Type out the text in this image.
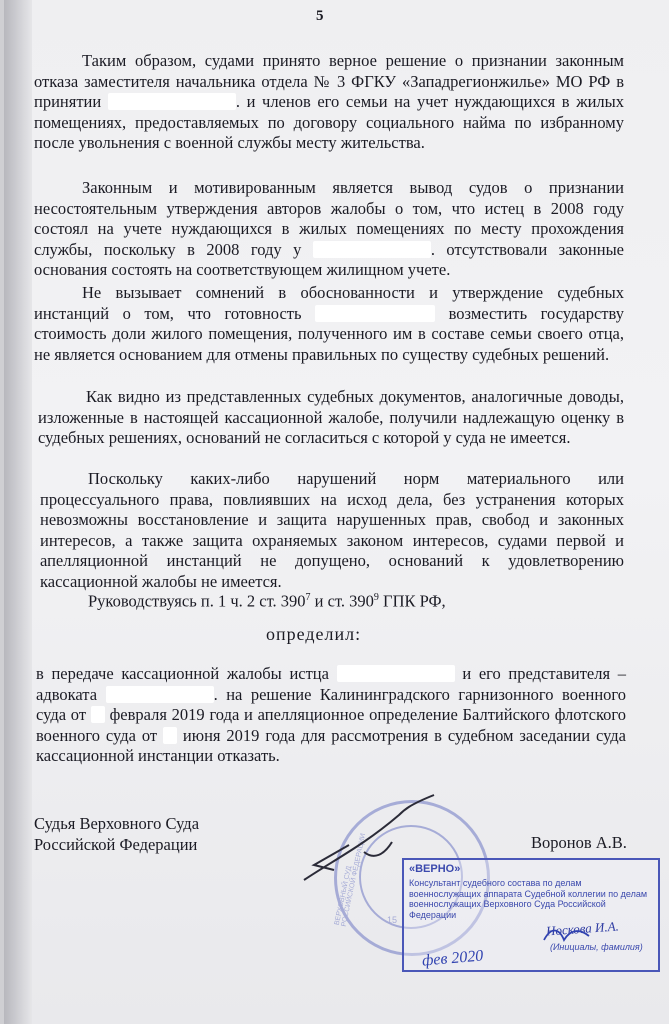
5
Таким образом, судами принято верное решение о признании законным отказа заместителя начальника отдела № 3 ФГКУ «Западрегионжилье» МО РФ в принятии	. и членов его семьи на учет нуждающихся в жилых помещениях, предоставляемых по договору социального найма по избранному после увольнения с военной службы месту жительства.
Законным и мотивированным является вывод судов о признании несостоятельным утверждения авторов жалобы о том, что истец в 2008 году состоял на учете нуждающихся в жилых помещениях по месту прохождения службы, поскольку в 2008 году у	. отсутствовали законные основания состоять на соответствующем жилищном учете.
Не вызывает сомнений в обоснованности и утверждение судебных инстанций о том, что готовность	возместить государству стоимость доли жилого помещения, полученного им в составе семьи своего отца, не является основанием для отмены правильных по существу судебных решений.
Как видно из представленных судебных документов, аналогичные доводы, изложенные в настоящей кассационной жалобе, получили надлежащую оценку в судебных решениях, оснований не согласиться с которой у суда не имеется.
Поскольку каких-либо нарушений норм материального или процессуального права, повлиявших на исход дела, без устранения которых невозможны восстановление и защита нарушенных прав, свобод и законных интересов, а также защита охраняемых законом интересов, судами первой и апелляционной инстанций не допущено, оснований к удовлетворению кассационной жалобы не имеется.
Руководствуясь п. 1 ч. 2 ст. $390^7$ и ст. $390^9$ ГПК РФ,
определил:
в передаче кассационной жалобы истца	и его представителя – адвоката	. на решение Калининградского гарнизонного военного суда от  февраля 2019 года и апелляционное определение Балтийского флотского военного суда от  июня 2019 года для рассмотрения в судебном заседании суда кассационной инстанции отказать.
Судья Верховного Суда
Российской Федерации	Воронов А.В.
ВЕРХОВНЫЙ СУД РОССИЙСКОЙ ФЕДЕРАЦИИ	15
«ВЕРНО»
Консультант судебного состава по делам военнослужащих аппарата Судебной коллегии по делам военнослужащих Верховного Суда Российской Федерации
Носкова И.А.
(Инициалы, фамилия)
фев 2020
